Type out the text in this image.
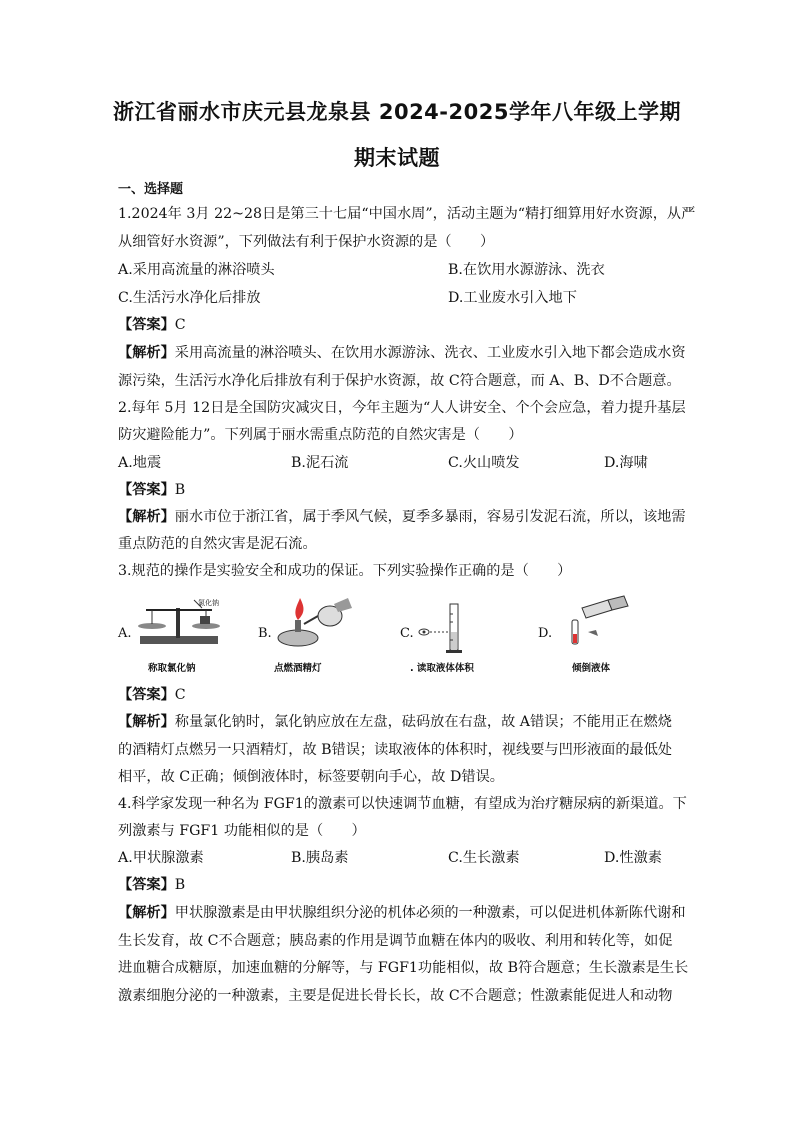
浙江省丽水市庆元县龙泉县 2024-2025学年八年级上学期
期末试题
一、选择题
1.2024年 3月 22~28日是第三十七届“中国水周”，活动主题为“精打细算用好水资源，从严
从细管好水资源”，下列做法有利于保护水资源的是（　　）
A.采用高流量的淋浴喷头	B.在饮用水源游泳、洗衣
C.生活污水净化后排放	D.工业废水引入地下
【答案】C
【解析】采用高流量的淋浴喷头、在饮用水源游泳、洗衣、工业废水引入地下都会造成水资
源污染，生活污水净化后排放有利于保护水资源，故 C符合题意，而 A、B、D不合题意。
2.每年 5月 12日是全国防灾减灾日，今年主题为“人人讲安全、个个会应急，着力提升基层
防灾避险能力”。下列属于丽水需重点防范的自然灾害是（　　）
A.地震	B.泥石流	C.火山喷发	D.海啸
【答案】B
【解析】丽水市位于浙江省，属于季风气候，夏季多暴雨，容易引发泥石流，所以，该地需
重点防范的自然灾害是泥石流。
3.规范的操作是实验安全和成功的保证。下列实验操作正确的是（　　）
A.
氯化钠
称取氯化钠
B.
点燃酒精灯
C.
. 读取液体体积
D.
倾倒液体
【答案】C
【解析】称量氯化钠时，氯化钠应放在左盘，砝码放在右盘，故 A错误；不能用正在燃烧
的酒精灯点燃另一只酒精灯，故 B错误；读取液体的体积时，视线要与凹形液面的最低处
相平，故 C正确；倾倒液体时，标签要朝向手心，故 D错误。
4.科学家发现一种名为 FGF1的激素可以快速调节血糖，有望成为治疗糖尿病的新渠道。下
列激素与 FGF1 功能相似的是（　　）
A.甲状腺激素	B.胰岛素	C.生长激素	D.性激素
【答案】B
【解析】甲状腺激素是由甲状腺组织分泌的机体必须的一种激素，可以促进机体新陈代谢和
生长发育，故 C不合题意；胰岛素的作用是调节血糖在体内的吸收、利用和转化等，如促
进血糖合成糖原，加速血糖的分解等，与 FGF1功能相似，故 B符合题意；生长激素是生长
激素细胞分泌的一种激素，主要是促进长骨长长，故 C不合题意；性激素能促进人和动物
